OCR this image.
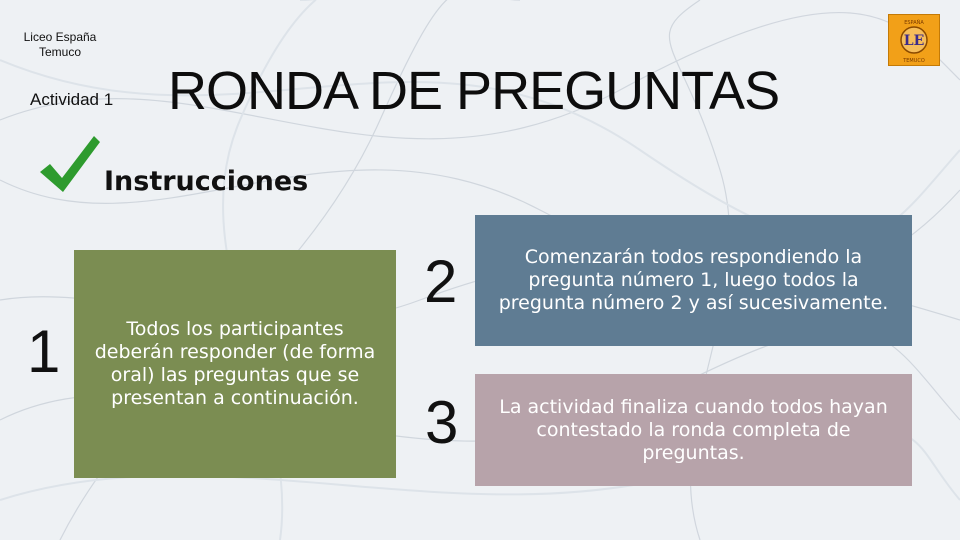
Liceo España
Temuco
Actividad 1 RONDA DE PREGUNTAS
ESPAÑA
LE
TEMUCO
Instrucciones
1	Todos los participantes deberán responder (de forma oral) las preguntas que se presentan a continuación.
2	Comenzarán todos respondiendo la pregunta número 1, luego todos la pregunta número 2 y así sucesivamente.
3	La actividad finaliza cuando todos hayan contestado la ronda completa de preguntas.
